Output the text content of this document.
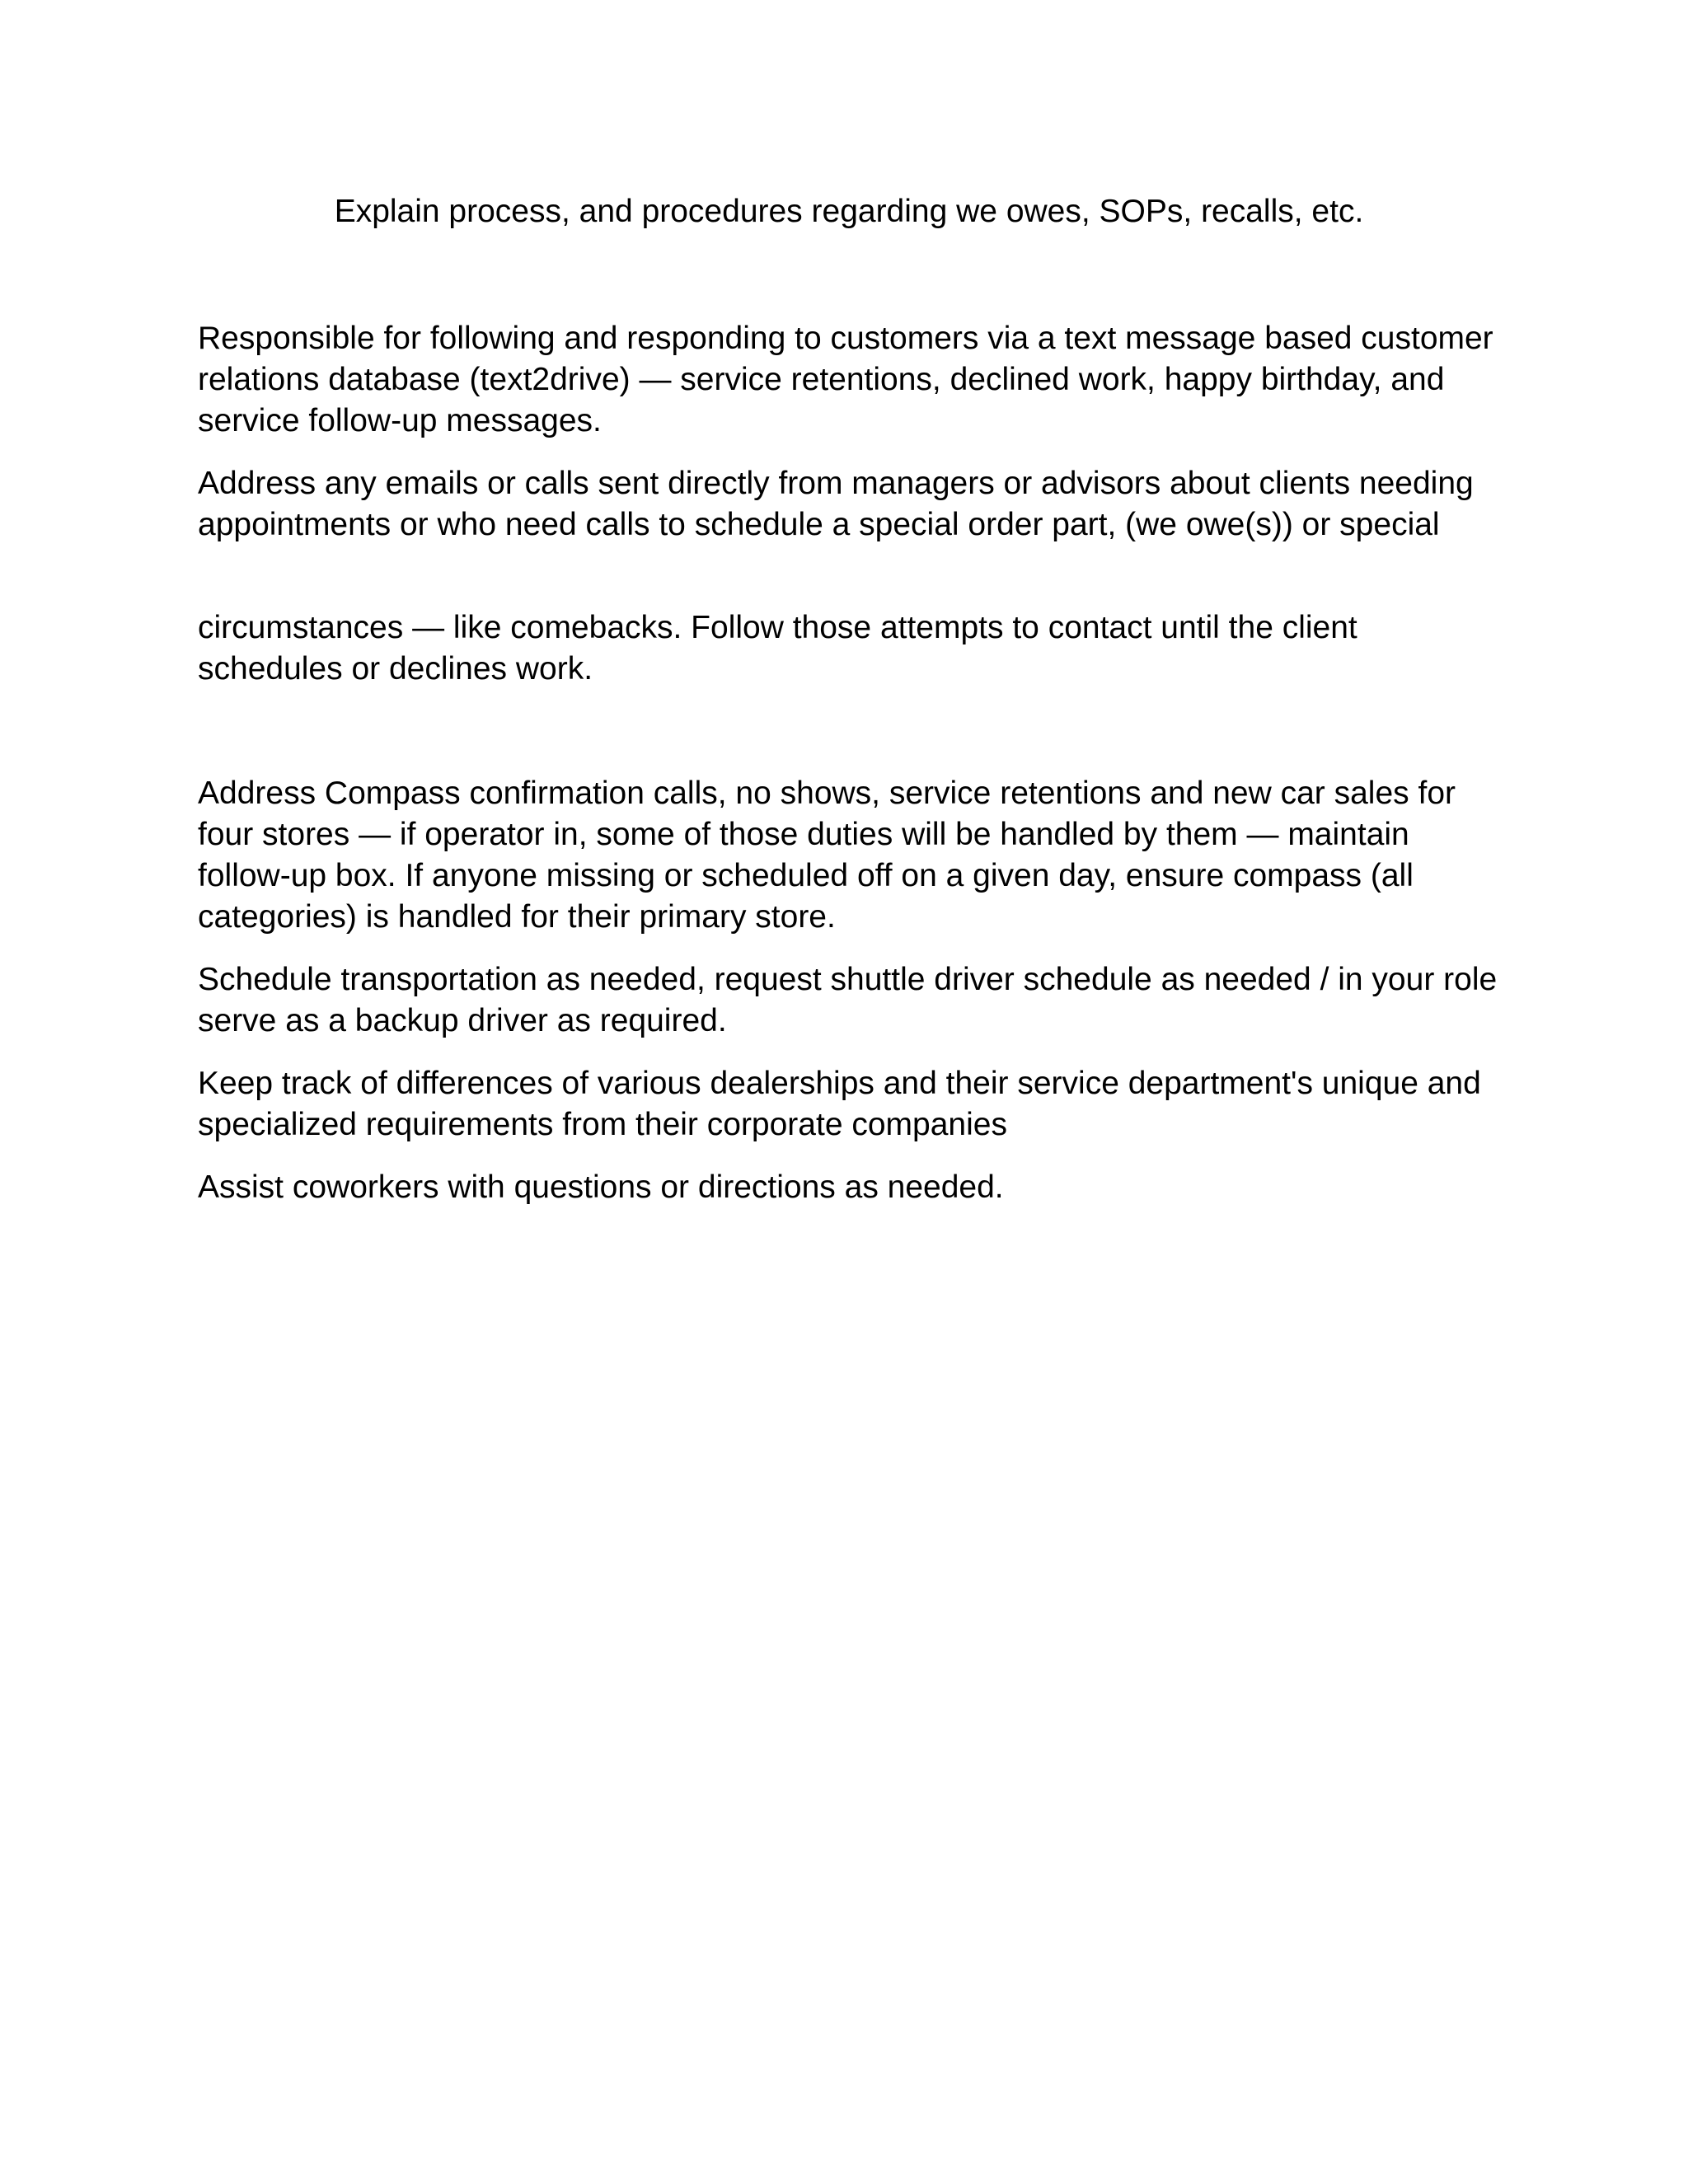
Explain process, and procedures regarding we owes, SOPs, recalls, etc.

Responsible for following and responding to customers via a text message based customer relations database (text2drive) — service retentions, declined work, happy birthday, and service follow-up messages.

Address any emails or calls sent directly from managers or advisors about clients needing appointments or who need calls to schedule a special order part, (we owe(s)) or special

circumstances — like comebacks. Follow those attempts to contact until the client schedules or declines work.

Address Compass confirmation calls, no shows, service retentions and new car sales for four stores — if operator in, some of those duties will be handled by them — maintain follow-up box. If anyone missing or scheduled off on a given day, ensure compass (all categories) is handled for their primary store.

Schedule transportation as needed, request shuttle driver schedule as needed / in your role serve as a backup driver as required.

Keep track of differences of various dealerships and their service department's unique and specialized requirements from their corporate companies

Assist coworkers with questions or directions as needed.
